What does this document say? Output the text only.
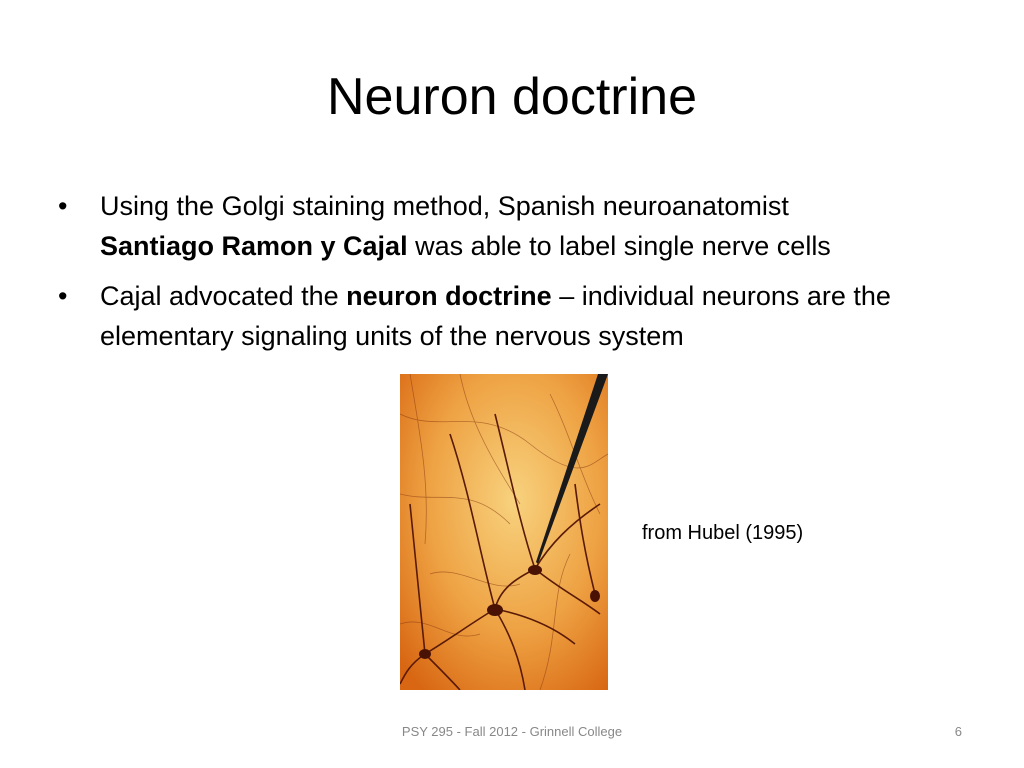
Neuron doctrine
•	Using the Golgi staining method, Spanish neuroanatomist
Santiago Ramon y Cajal was able to label single nerve cells
•	Cajal advocated the neuron doctrine – individual neurons are the elementary signaling units of the nervous system
from Hubel (1995)
PSY 295 - Fall 2012 - Grinnell College	6
